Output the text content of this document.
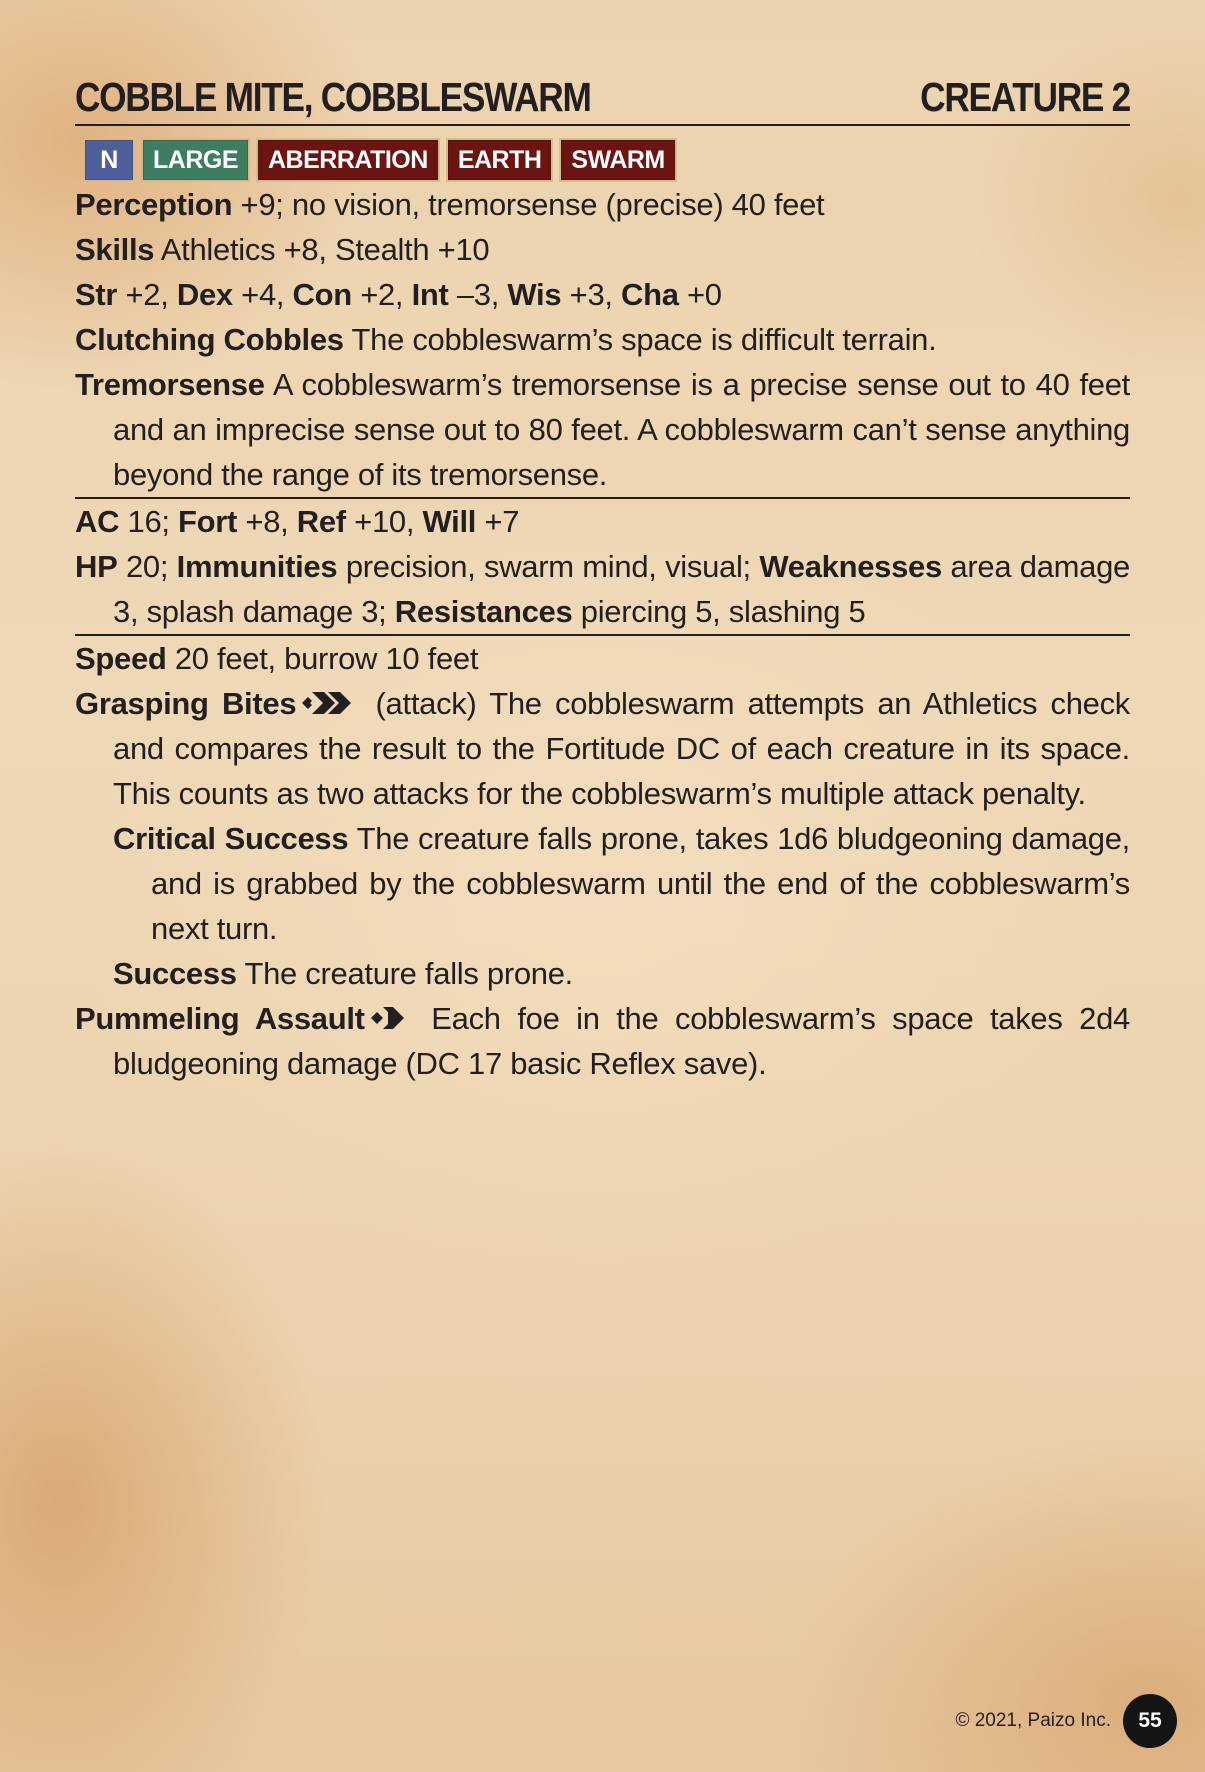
COBBLE MITE, COBBLESWARM	CREATURE 2
N	LARGE	ABERRATION	EARTH	SWARM
Perception +9; no vision, tremorsense (precise) 40 feet
Skills Athletics +8, Stealth +10
Str +2, Dex +4, Con +2, Int –3, Wis +3, Cha +0
Clutching Cobbles The cobbleswarm’s space is difficult terrain.
Tremorsense A cobbleswarm’s tremorsense is a precise sense out to 40 feet and an imprecise sense out to 80 feet. A cobbleswarm can’t sense anything beyond the range of its tremorsense.
AC 16; Fort +8, Ref +10, Will +7
HP 20; Immunities precision, swarm mind, visual; Weaknesses area damage 3, splash damage 3; Resistances piercing 5, slashing 5
Speed 20 feet, burrow 10 feet
Grasping Bites (attack) The cobbleswarm attempts an Athletics check and compares the result to the Fortitude DC of each creature in its space. This counts as two attacks for the cobbleswarm’s multiple attack penalty.
Critical Success The creature falls prone, takes 1d6 bludgeoning damage, and is grabbed by the cobbleswarm until the end of the cobbleswarm’s next turn.
Success The creature falls prone.
Pummeling Assault Each foe in the cobbleswarm’s space takes 2d4 bludgeoning damage (DC 17 basic Reflex save).
© 2021, Paizo Inc.	55
